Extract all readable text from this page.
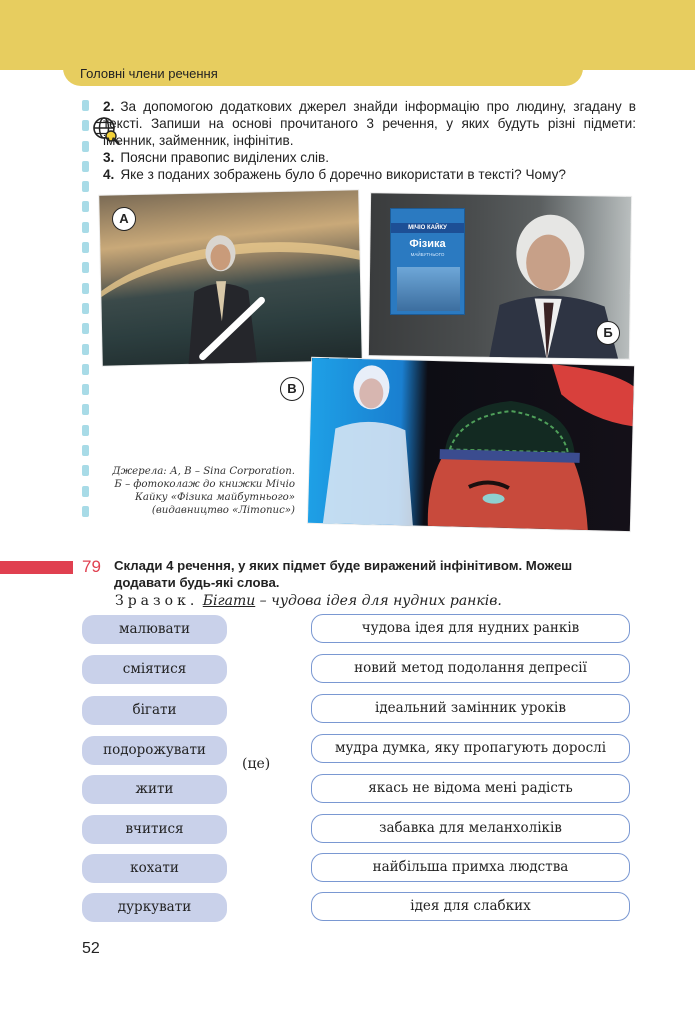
Головні члени речення
2. За допомогою додаткових джерел знайди інформацію про людину, згадану в тексті. Запиши на основі прочитаного 3 речення, у яких будуть різні підмети: іменник, займенник, інфінітив.
3. Поясни правопис виділених слів.
4. Яке з поданих зображень було б доречно використати в тексті? Чому?
А
МІЧІО КАЙКУ
Фізика
МАЙБУТНЬОГО
Б
В
Джерела: А, В – Sina Corporation.
Б – фотоколаж до книжки Мічіо
Кайку «Фізика майбутнього»
(видавництво «Літопис»)
79 Склади 4 речення, у яких підмет буде виражений інфінітивом. Можеш додавати будь-які слова.
Зразок. Бігати – чудова ідея для нудних ранків.
малювати
сміятися
бігати
подорожувати
жити
вчитися
кохати
дуркувати
(це)
чудова ідея для нудних ранків
новий метод подолання депресії
ідеальний замінник уроків
мудра думка, яку пропагують дорослі
якась не відома мені радість
забавка для меланхоліків
найбільша примха людства
ідея для слабких
52
